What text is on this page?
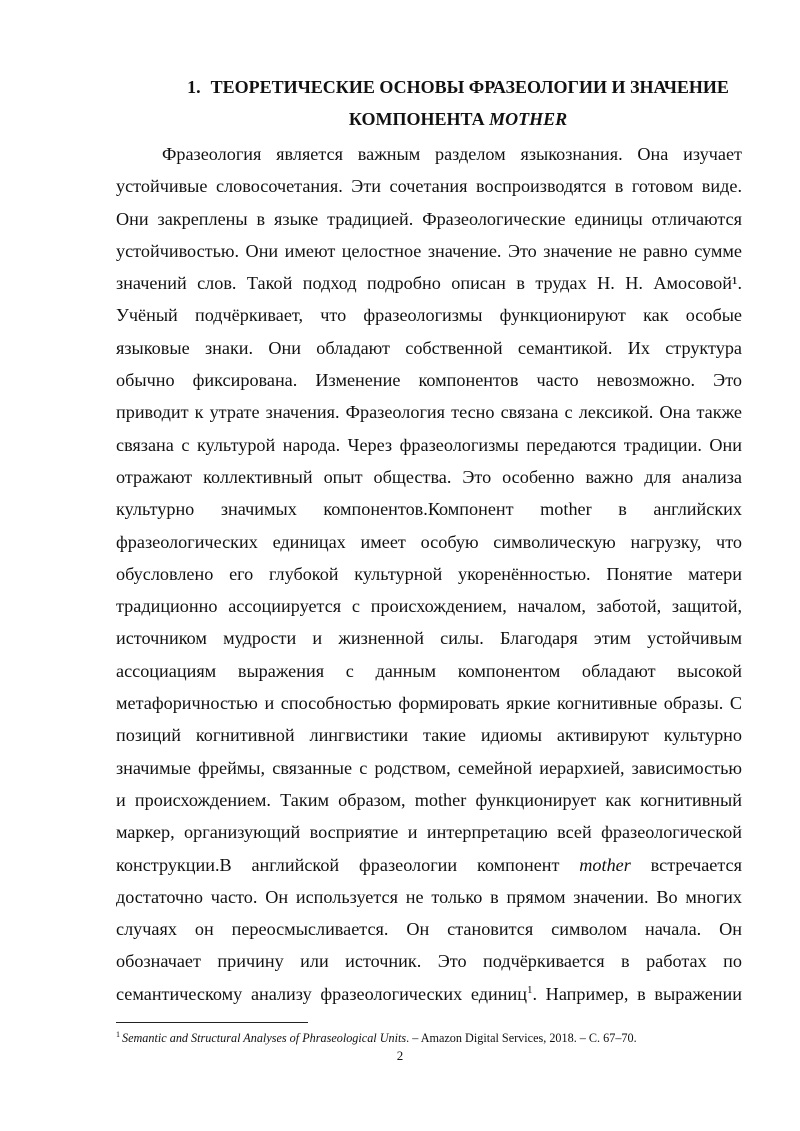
1. ТЕОРЕТИЧЕСКИЕ ОСНОВЫ ФРАЗЕОЛОГИИ И ЗНАЧЕНИЕ
КОМПОНЕНТА MOTHER
Фразеология является важным разделом языкознания. Она изучает
устойчивые словосочетания. Эти сочетания воспроизводятся в готовом виде.
Они закреплены в языке традицией. Фразеологические единицы отличаются
устойчивостью. Они имеют целостное значение. Это значение не равно сумме
значений слов. Такой подход подробно описан в трудах Н. Н. Амосовой¹.
Учёный подчёркивает, что фразеологизмы функционируют как особые
языковые знаки. Они обладают собственной семантикой. Их структура
обычно фиксирована. Изменение компонентов часто невозможно. Это
приводит к утрате значения. Фразеология тесно связана с лексикой. Она также
связана с культурой народа. Через фразеологизмы передаются традиции. Они
отражают коллективный опыт общества. Это особенно важно для анализа
культурно значимых компонентов.Компонент mother в английских
фразеологических единицах имеет особую символическую нагрузку, что
обусловлено его глубокой культурной укоренённостью. Понятие матери
традиционно ассоциируется с происхождением, началом, заботой, защитой,
источником мудрости и жизненной силы. Благодаря этим устойчивым
ассоциациям выражения с данным компонентом обладают высокой
метафоричностью и способностью формировать яркие когнитивные образы. С
позиций когнитивной лингвистики такие идиомы активируют культурно
значимые фреймы, связанные с родством, семейной иерархией, зависимостью
и происхождением. Таким образом, mother функционирует как когнитивный
маркер, организующий восприятие и интерпретацию всей фразеологической
конструкции.В английской фразеологии компонент mother встречается
достаточно часто. Он используется не только в прямом значении. Во многих
случаях он переосмысливается. Он становится символом начала. Он
обозначает причину или источник. Это подчёркивается в работах по
семантическому анализу фразеологических единиц$^1$. Например, в выражении
$^1$ Semantic and Structural Analyses of Phraseological Units. – Amazon Digital Services, 2018. – С. 67–70.
2
